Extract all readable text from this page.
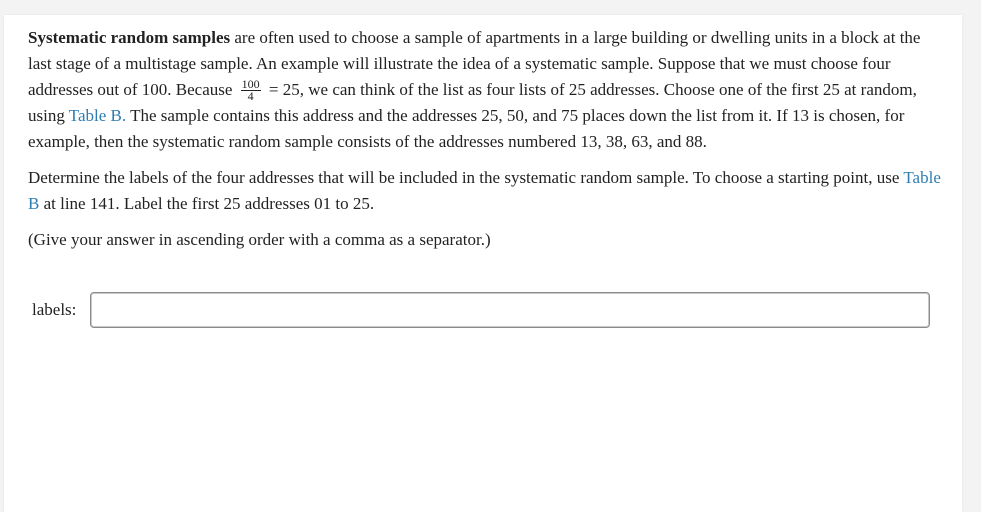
Systematic random samples are often used to choose a sample of apartments in a large building or dwelling units in a block at the last stage of a multistage sample. An example will illustrate the idea of a systematic sample. Suppose that we must choose four addresses out of 100. Because $\frac{100}{4} = 25$, we can think of the list as four lists of 25 addresses. Choose one of the first 25 at random, using Table B. The sample contains this address and the addresses 25, 50, and 75 places down the list from it. If 13 is chosen, for example, then the systematic random sample consists of the addresses numbered 13, 38, 63, and 88.

Determine the labels of the four addresses that will be included in the systematic random sample. To choose a starting point, use Table B at line 141. Label the first 25 addresses 01 to 25.

(Give your answer in ascending order with a comma as a separator.)

labels:
